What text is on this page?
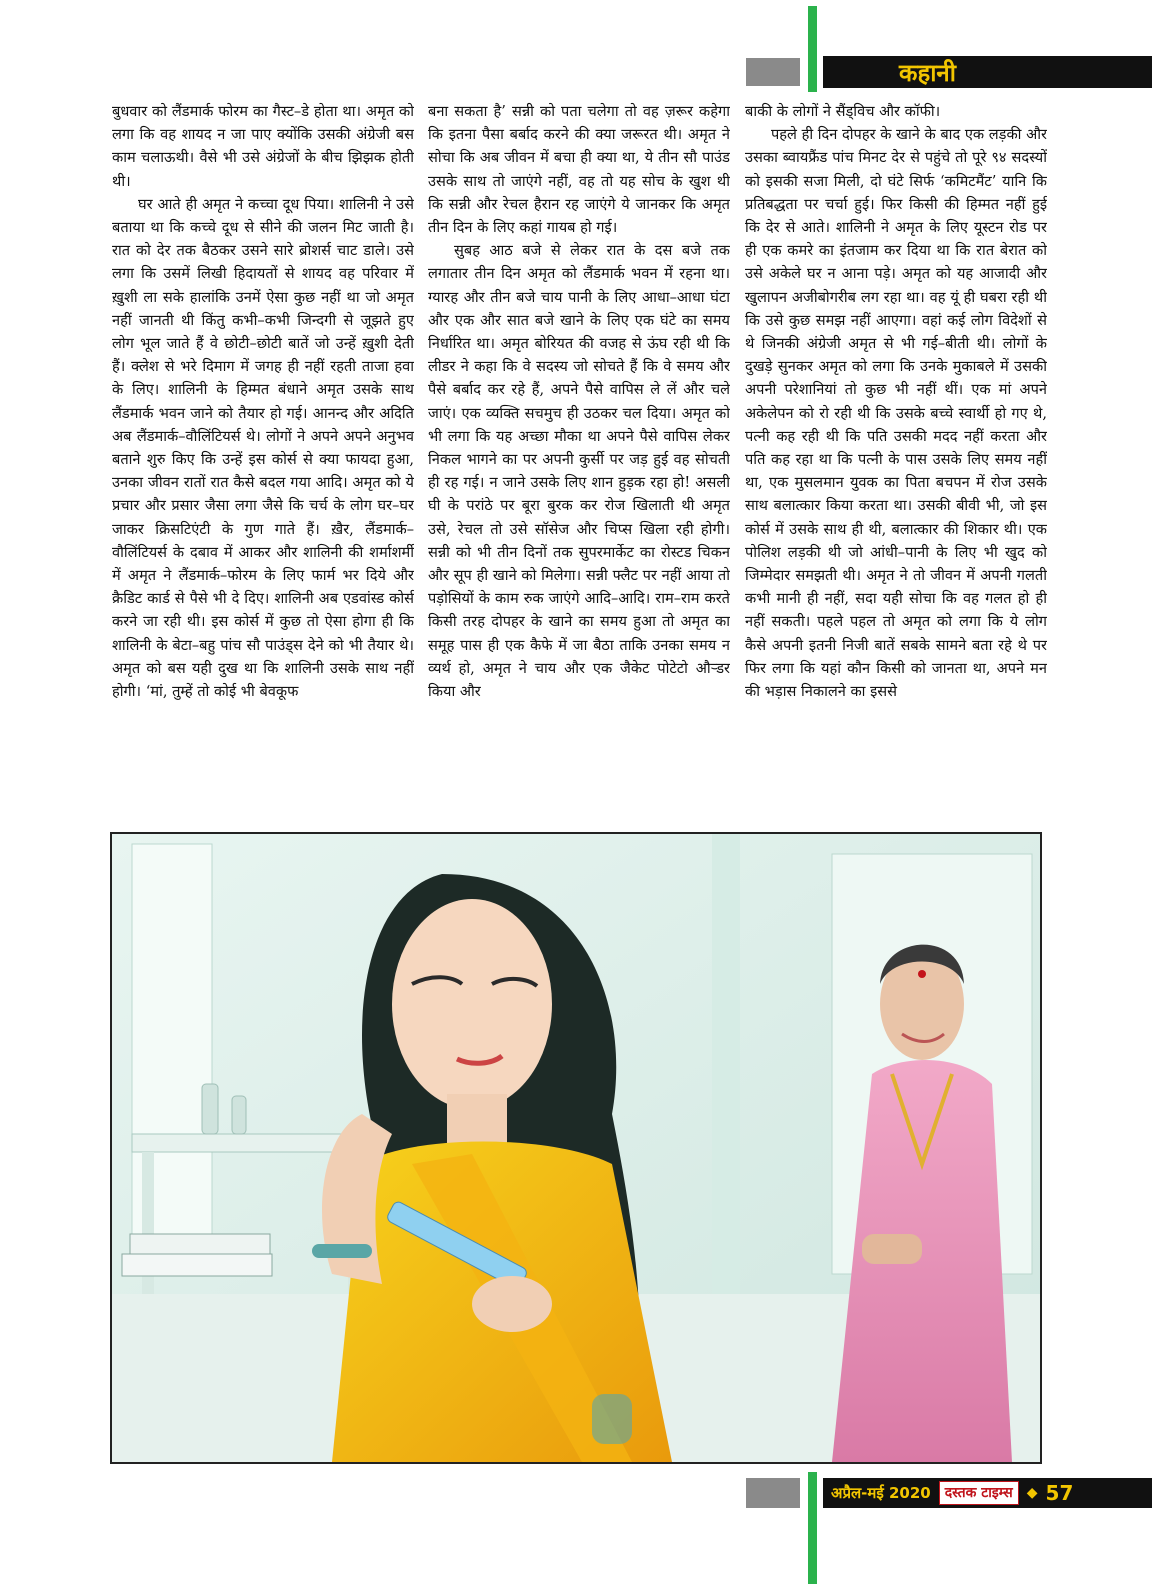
कहानी

बुधवार को लैंडमार्क फोरम का गैस्ट–डे होता था। अमृत को लगा कि वह शायद न जा पाए क्योंकि उसकी अंग्रेजी बस काम चलाऊथी। वैसे भी उसे अंग्रेजों के बीच झिझक होती थी।

घर आते ही अमृत ने कच्चा दूध पिया। शालिनी ने उसे बताया था कि कच्चे दूध से सीने की जलन मिट जाती है। रात को देर तक बैठकर उसने सारे ब्रोशर्स चाट डाले। उसे लगा कि उसमें लिखी हिदायतों से शायद वह परिवार में ख़ुशी ला सके हालांकि उनमें ऐसा कुछ नहीं था जो अमृत नहीं जानती थी किंतु कभी–कभी जिन्दगी से जूझते हुए लोग भूल जाते हैं वे छोटी–छोटी बातें जो उन्हें ख़ुशी देती हैं। क्लेश से भरे दिमाग में जगह ही नहीं रहती ताजा हवा के लिए। शालिनी के हिम्मत बंधाने अमृत उसके साथ लैंडमार्क भवन जाने को तैयार हो गई। आनन्द और अदिति अब लैंडमार्क–वौलिंटियर्स थे। लोगों ने अपने अपने अनुभव बताने शुरु किए कि उन्हें इस कोर्स से क्या फायदा हुआ, उनका जीवन रातों रात कैसे बदल गया आदि। अमृत को ये प्रचार और प्रसार जैसा लगा जैसे कि चर्च के लोग घर–घर जाकर क्रिसटिएंटी के गुण गाते हैं। ख़ैर, लैंडमार्क–वौलिंटियर्स के दबाव में आकर और शालिनी की शर्माशर्मी में अमृत ने लैंडमार्क–फोरम के लिए फार्म भर दिये और क्रैडिट कार्ड से पैसे भी दे दिए। शालिनी अब एडवांस्ड कोर्स करने जा रही थी। इस कोर्स में कुछ तो ऐसा होगा ही कि शालिनी के बेटा–बहु पांच सौ पाउंड्स देने को भी तैयार थे। अमृत को बस यही दुख था कि शालिनी उसके साथ नहीं होगी। ‘मां, तुम्हें तो कोई भी बेवकूफ

बना सकता है’ सन्नी को पता चलेगा तो वह ज़रूर कहेगा कि इतना पैसा बर्बाद करने की क्या जरूरत थी। अमृत ने सोचा कि अब जीवन में बचा ही क्या था, ये तीन सौ पाउंड उसके साथ तो जाएंगे नहीं, वह तो यह सोच के खुश थी कि सन्नी और रेचल हैरान रह जाएंगे ये जानकर कि अमृत तीन दिन के लिए कहां गायब हो गई।

सुबह आठ बजे से लेकर रात के दस बजे तक लगातार तीन दिन अमृत को लैंडमार्क भवन में रहना था। ग्यारह और तीन बजे चाय पानी के लिए आधा–आधा घंटा और एक और सात बजे खाने के लिए एक घंटे का समय निर्धारित था। अमृत बोरियत की वजह से ऊंघ रही थी कि लीडर ने कहा कि वे सदस्य जो सोचते हैं कि वे समय और पैसे बर्बाद कर रहे हैं, अपने पैसे वापिस ले लें और चले जाएं। एक व्यक्ति सचमुच ही उठकर चल दिया। अमृत को भी लगा कि यह अच्छा मौका था अपने पैसे वापिस लेकर निकल भागने का पर अपनी कुर्सी पर जड़ हुई वह सोचती ही रह गई। न जाने उसके लिए शान हुड़क रहा हो! असली घी के परांठे पर बूरा बुरक कर रोज खिलाती थी अमृत उसे, रेचल तो उसे सॉसेज और चिप्स खिला रही होगी। सन्नी को भी तीन दिनों तक सुपरमार्केट का रोस्टड चिकन और सूप ही खाने को मिलेगा। सन्नी फ्लैट पर नहीं आया तो पड़ोसियों के काम रुक जाएंगे आदि–आदि। राम–राम करते किसी तरह दोपहर के खाने का समय हुआ तो अमृत का समूह पास ही एक कैफे में जा बैठा ताकि उनका समय न व्यर्थ हो, अमृत ने चाय और एक जैकेट पोटेटो औऱ्डर किया और

बाकी के लोगों ने सैंड्विच और कॉफी।

पहले ही दिन दोपहर के खाने के बाद एक लड़की और उसका ब्वायफ्रैंड पांच मिनट देर से पहुंचे तो पूरे ९४ सदस्यों को इसकी सजा मिली, दो घंटे सिर्फ ‘कमिटमैंट’ यानि कि प्रतिबद्धता पर चर्चा हुई। फिर किसी की हिम्मत नहीं हुई कि देर से आते। शालिनी ने अमृत के लिए यूस्टन रोड पर ही एक कमरे का इंतजाम कर दिया था कि रात बेरात को उसे अकेले घर न आना पड़े। अमृत को यह आजादी और खुलापन अजीबोगरीब लग रहा था। वह यूं ही घबरा रही थी कि उसे कुछ समझ नहीं आएगा। वहां कई लोग विदेशों से थे जिनकी अंग्रेजी अमृत से भी गई–बीती थी। लोगों के दुखड़े सुनकर अमृत को लगा कि उनके मुकाबले में उसकी अपनी परेशानियां तो कुछ भी नहीं थीं। एक मां अपने अकेलेपन को रो रही थी कि उसके बच्चे स्वार्थी हो गए थे, पत्नी कह रही थी कि पति उसकी मदद नहीं करता और पति कह रहा था कि पत्नी के पास उसके लिए समय नहीं था, एक मुसलमान युवक का पिता बचपन में रोज उसके साथ बलात्कार किया करता था। उसकी बीवी भी, जो इस कोर्स में उसके साथ ही थी, बलात्कार की शिकार थी। एक पोलिश लड़की थी जो आंधी–पानी के लिए भी खुद को जिम्मेदार समझती थी। अमृत ने तो जीवन में अपनी गलती कभी मानी ही नहीं, सदा यही सोचा कि वह गलत हो ही नहीं सकती। पहले पहल तो अमृत को लगा कि ये लोग कैसे अपनी इतनी निजी बातें सबके सामने बता रहे थे पर फिर लगा कि यहां कौन किसी को जानता था, अपने मन की भड़ास निकालने का इससे

अप्रैल-मई 2020	दस्तक टाइम्स	◆ 57
